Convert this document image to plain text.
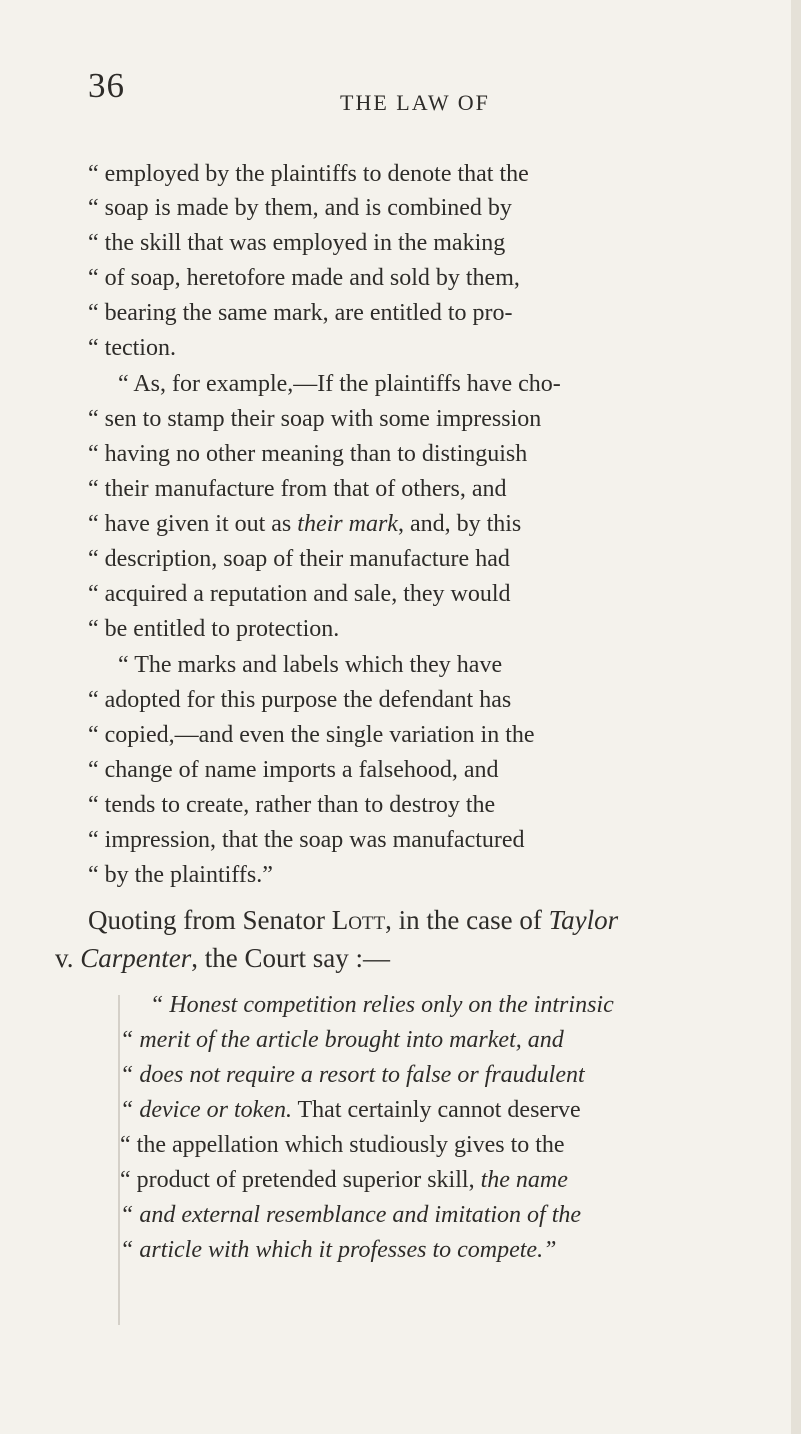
36	THE LAW OF
“ employed by the plaintiffs to denote that the
“ soap is made by them, and is combined by
“ the skill that was employed in the making
“ of soap, heretofore made and sold by them,
“ bearing the same mark, are entitled to pro-
“ tection.
“ As, for example,—If the plaintiffs have cho-
“ sen to stamp their soap with some impression
“ having no other meaning than to distinguish
“ their manufacture from that of others, and
“ have given it out as their mark, and, by this
“ description, soap of their manufacture had
“ acquired a reputation and sale, they would
“ be entitled to protection.
“ The marks and labels which they have
“ adopted for this purpose the defendant has
“ copied,—and even the single variation in the
“ change of name imports a falsehood, and
“ tends to create, rather than to destroy the
“ impression, that the soap was manufactured
“ by the plaintiffs.”
Quoting from Senator Lott, in the case of Taylor
v. Carpenter, the Court say :—
“ Honest competition relies only on the intrinsic
“ merit of the article brought into market, and
“ does not require a resort to false or fraudulent
“ device or token. That certainly cannot deserve
“ the appellation which studiously gives to the
“ product of pretended superior skill, the name
“ and external resemblance and imitation of the
“ article with which it professes to compete.”
